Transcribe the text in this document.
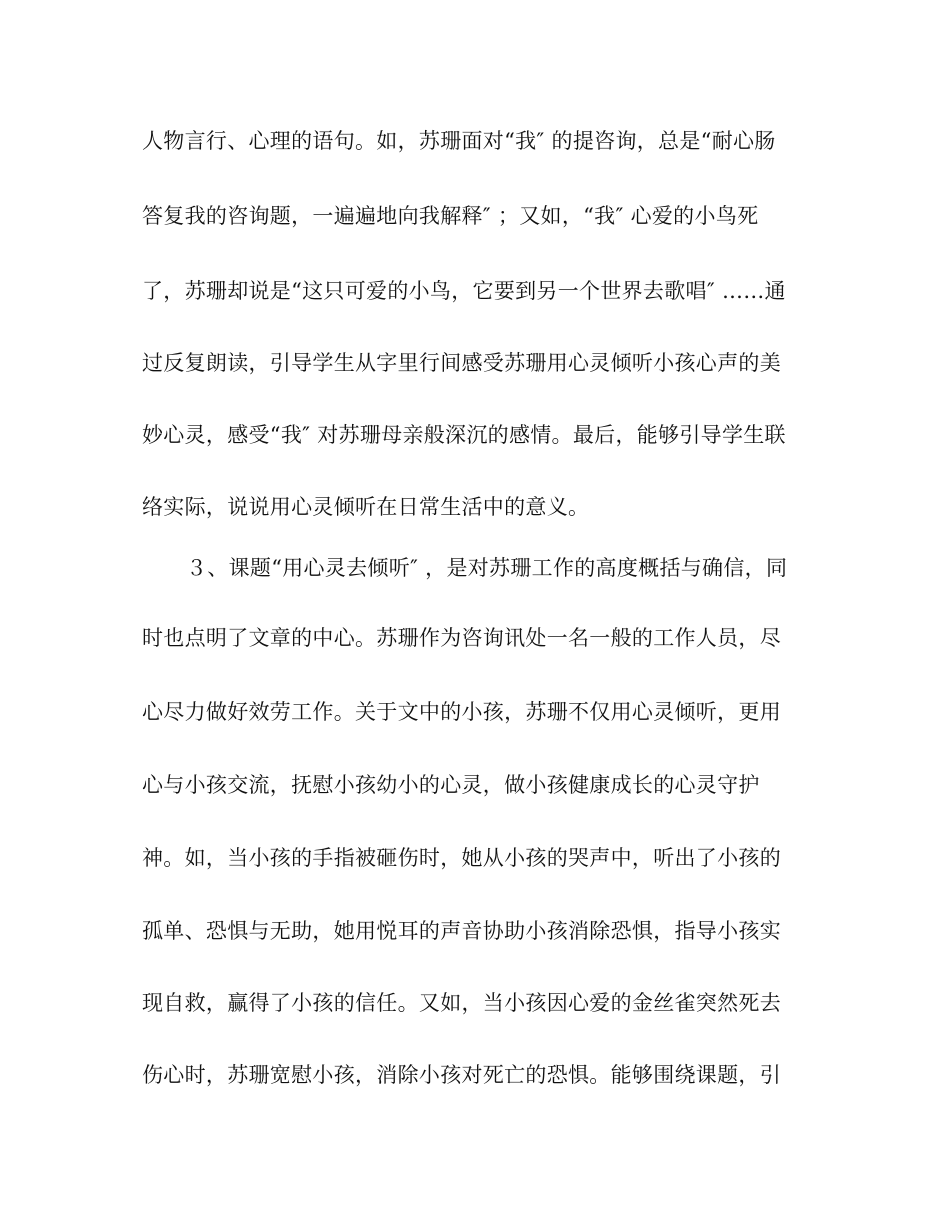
人物言行、心理的语句。如，苏珊面对“我″ 的提咨询，总是“耐心肠
答复我的咨询题，一遍遍地向我解释″ ；又如，“我″ 心爱的小鸟死
了，苏珊却说是“这只可爱的小鸟，它要到另一个世界去歌唱″ ……通
过反复朗读，引导学生从字里行间感受苏珊用心灵倾听小孩心声的美
妙心灵，感受“我″ 对苏珊母亲般深沉的感情。最后，能够引导学生联
络实际，说说用心灵倾听在日常生活中的意义。
３、课题“用心灵去倾听″ ，是对苏珊工作的高度概括与确信，同
时也点明了文章的中心。苏珊作为咨询讯处一名一般的工作人员，尽
心尽力做好效劳工作。关于文中的小孩，苏珊不仅用心灵倾听，更用
心与小孩交流，抚慰小孩幼小的心灵，做小孩健康成长的心灵守护
神。如，当小孩的手指被砸伤时，她从小孩的哭声中，听出了小孩的
孤单、恐惧与无助，她用悦耳的声音协助小孩消除恐惧，指导小孩实
现自救，赢得了小孩的信任。又如，当小孩因心爱的金丝雀突然死去
伤心时，苏珊宽慰小孩，消除小孩对死亡的恐惧。能够围绕课题，引
